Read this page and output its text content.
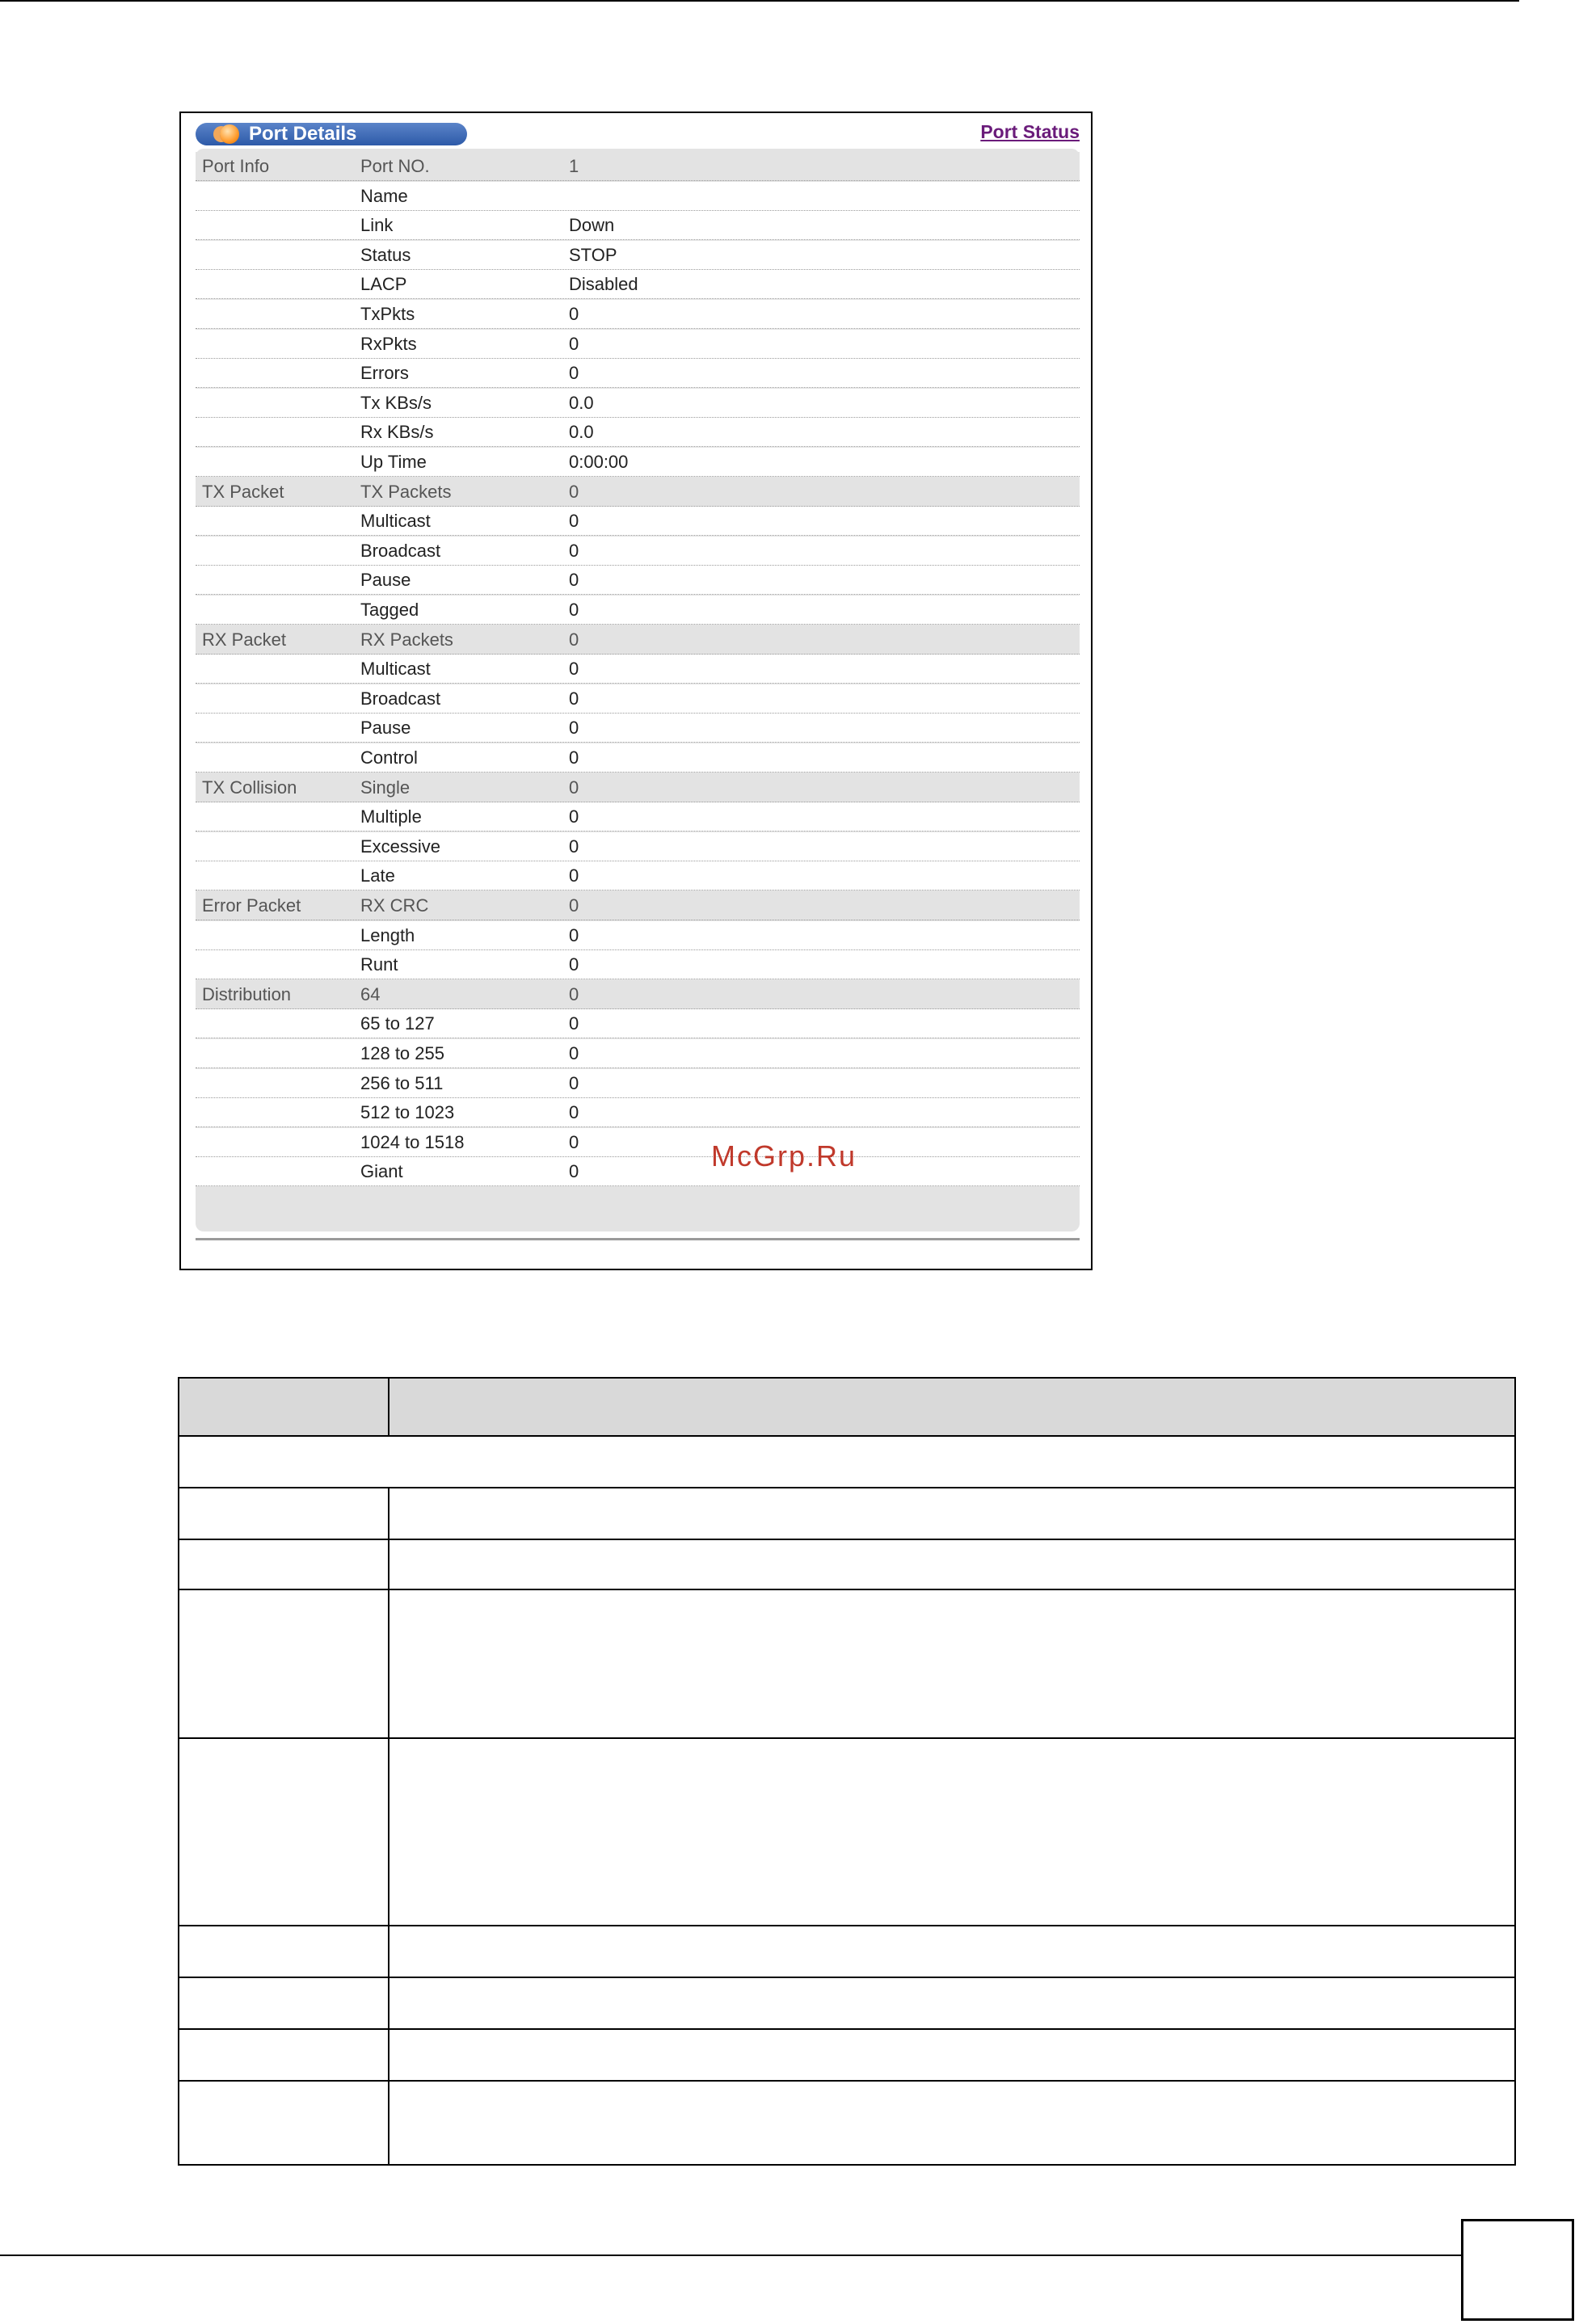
Port Details	Port Status
Port Info	Port NO.	1
Name
Link	Down
Status	STOP
LACP	Disabled
TxPkts	0
RxPkts	0
Errors	0
Tx KBs/s	0.0
Rx KBs/s	0.0
Up Time	0:00:00
TX Packet	TX Packets	0
Multicast	0
Broadcast	0
Pause	0
Tagged	0
RX Packet	RX Packets	0
Multicast	0
Broadcast	0
Pause	0
Control	0
TX Collision	Single	0
Multiple	0
Excessive	0
Late	0
Error Packet	RX CRC	0
Length	0
Runt	0
Distribution	64	0
65 to 127	0
128 to 255	0
256 to 511	0
512 to 1023	0
1024 to 1518	0
Giant	0	McGrp.Ru
